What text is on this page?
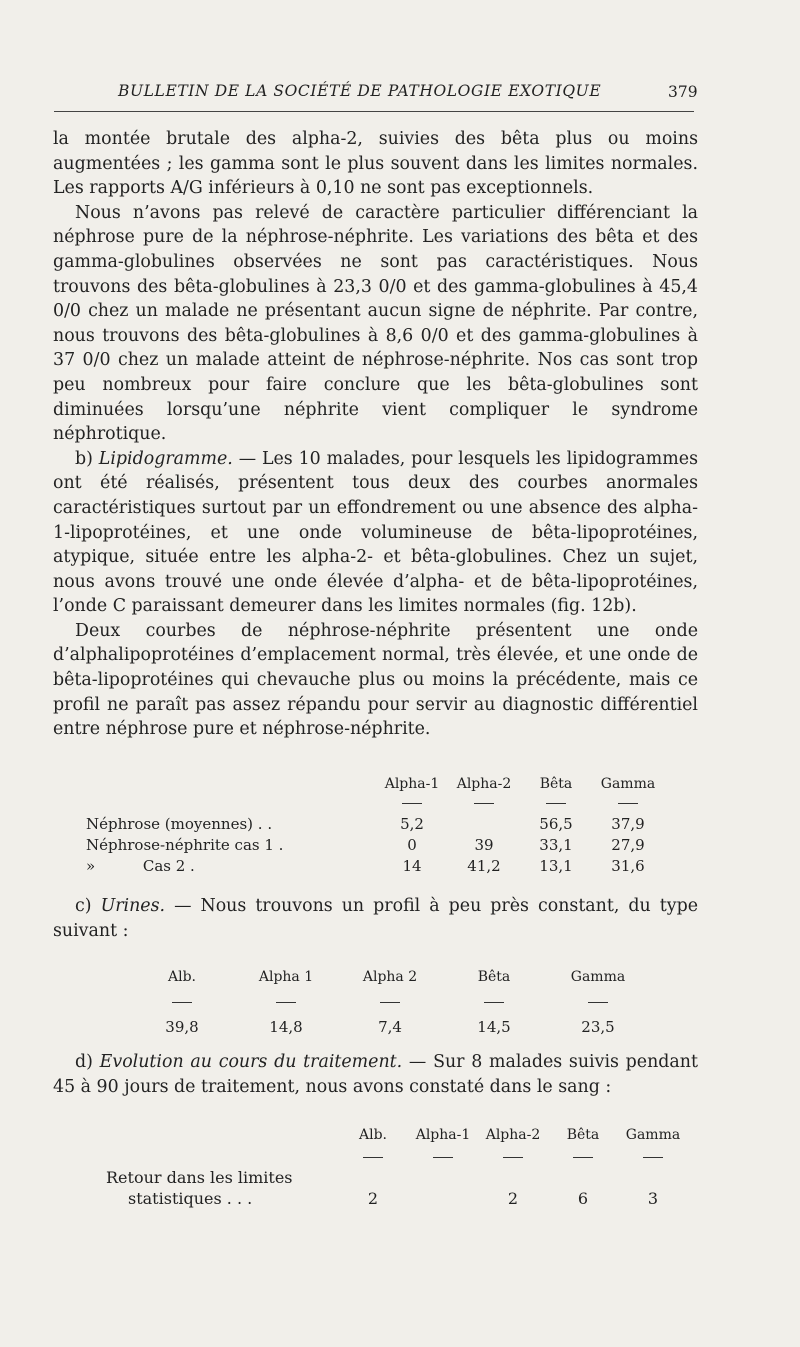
BULLETIN DE LA SOCIÉTÉ DE PATHOLOGIE EXOTIQUE	379

la montée brutale des alpha-2, suivies des bêta plus ou moins augmentées ; les gamma sont le plus souvent dans les limites normales. Les rapports A/G inférieurs à 0,10 ne sont pas exceptionnels.

Nous n’avons pas relevé de caractère particulier différenciant la néphrose pure de la néphrose-néphrite. Les variations des bêta et des gamma-globulines observées ne sont pas caractéristiques. Nous trouvons des bêta-globulines à 23,3 0/0 et des gamma-globulines à 45,4 0/0 chez un malade ne présentant aucun signe de néphrite. Par contre, nous trouvons des bêta-globulines à 8,6 0/0 et des gamma-globulines à 37 0/0 chez un malade atteint de néphrose-néphrite. Nos cas sont trop peu nombreux pour faire conclure que les bêta-globulines sont diminuées lorsqu’une néphrite vient compliquer le syndrome néphrotique.

b) Lipidogramme. — Les 10 malades, pour lesquels les lipidogrammes ont été réalisés, présentent tous deux des courbes anormales caractéristiques surtout par un effondrement ou une absence des alpha-1-lipoprotéines, et une onde volumineuse de bêta-lipoprotéines, atypique, située entre les alpha-2- et bêta-globulines. Chez un sujet, nous avons trouvé une onde élevée d’alpha- et de bêta-lipoprotéines, l’onde C paraissant demeurer dans les limites normales (fig. 12b).

Deux courbes de néphrose-néphrite présentent une onde d’alphalipoprotéines d’emplacement normal, très élevée, et une onde de bêta-lipoprotéines qui chevauche plus ou moins la précédente, mais ce profil ne paraît pas assez répandu pour servir au diagnostic différentiel entre néphrose pure et néphrose-néphrite.

	Alpha-1	Alpha-2	Bêta	Gamma

Néphrose (moyennes) . .	5,2		56,5	37,9
Néphrose-néphrite cas 1 .	0	39	33,1	27,9
»          Cas 2 .	14	41,2	13,1	31,6

c) Urines. — Nous trouvons un profil à peu près constant, du type suivant :

Alb.	Alpha 1	Alpha 2	Bêta	Gamma

39,8	14,8	7,4	14,5	23,5

d) Evolution au cours du traitement. — Sur 8 malades suivis pendant 45 à 90 jours de traitement, nous avons constaté dans le sang :

	Alb.	Alpha-1	Alpha-2	Bêta	Gamma

Retour dans les limites					
statistiques . . .	2		2	6	3
